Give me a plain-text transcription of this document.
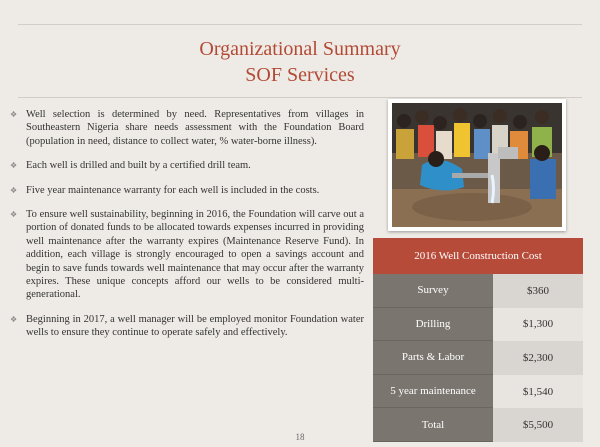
Organizational Summary
SOF Services
❖ Well selection is determined by need. Representatives from villages in Southeastern Nigeria share needs assessment with the Foundation Board (population in need, distance to collect water, % water-borne illness).
❖ Each well is drilled and built by a certified drill team.
❖ Five year maintenance warranty for each well is included in the costs.
❖ To ensure well sustainability, beginning in 2016, the Foundation will carve out a portion of donated funds to be allocated towards expenses incurred in providing well maintenance after the warranty expires (Maintenance Reserve Fund). In addition, each village is strongly encouraged to open a savings account and begin to save funds towards well maintenance that may occur after the warranty expires. These unique concepts afford our wells to be considered multi-generational.
❖ Beginning in 2017, a well manager will be employed monitor Foundation water wells to ensure they continue to operate safely and effectively.
2016 Well Construction Cost
Survey	$360
Drilling	$1,300
Parts & Labor	$2,300
5 year maintenance	$1,540
Total	$5,500
18
